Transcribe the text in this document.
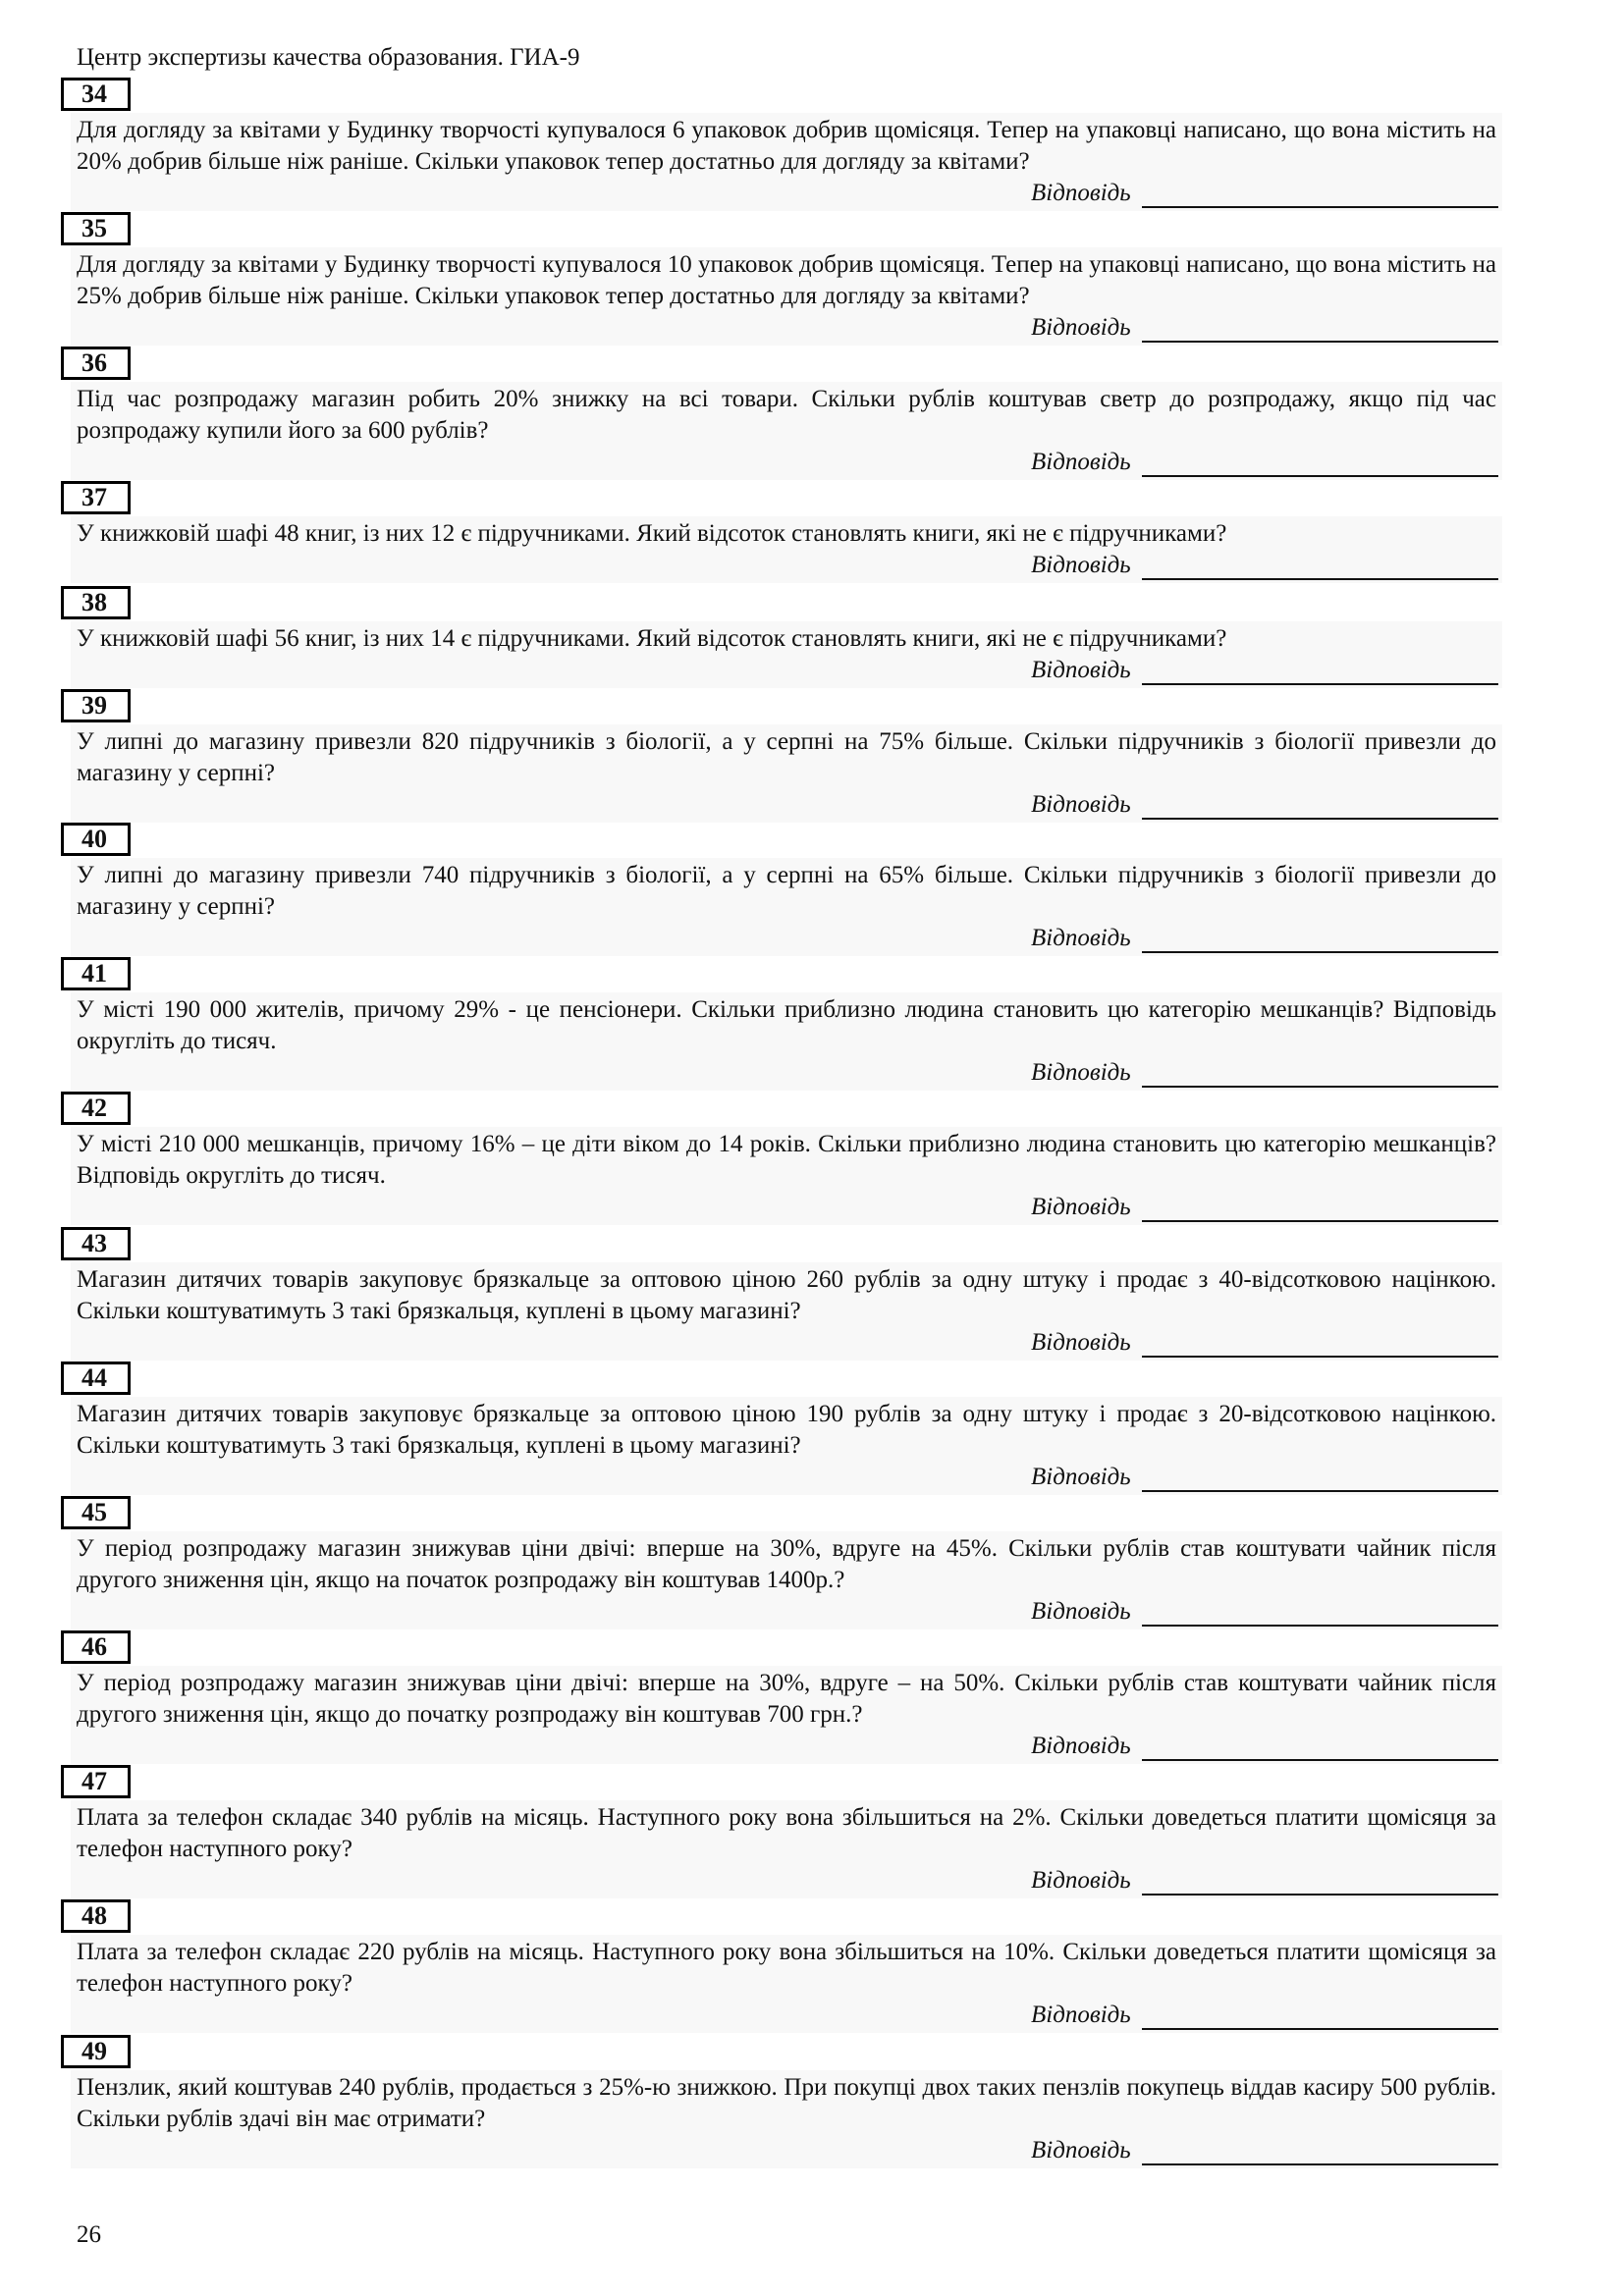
Центр экспертизы качества образования. ГИА-9
34

Для догляду за квітами у Будинку творчості купувалося 6 упаковок добрив щомісяця. Тепер на упаковці написано, що вона містить на 20% добрив більше ніж раніше. Скільки упаковок тепер достатньо для догляду за квітами?

Відповідь
35

Для догляду за квітами у Будинку творчості купувалося 10 упаковок добрив щомісяця. Тепер на упаковці написано, що вона містить на 25% добрив більше ніж раніше. Скільки упаковок тепер достатньо для догляду за квітами?

Відповідь
36

Під час розпродажу магазин робить 20% знижку на всі товари. Скільки рублів коштував светр до розпродажу, якщо під час розпродажу купили його за 600 рублів?

Відповідь
37

У книжковій шафі 48 книг, із них 12 є підручниками. Який відсоток становлять книги, які не є підручниками?

Відповідь
38

У книжковій шафі 56 книг, із них 14 є підручниками. Який відсоток становлять книги, які не є підручниками?

Відповідь
39

У липні до магазину привезли 820 підручників з біології, а у серпні на 75% більше. Скільки підручників з біології привезли до магазину у серпні?

Відповідь
40

У липні до магазину привезли 740 підручників з біології, а у серпні на 65% більше. Скільки підручників з біології привезли до магазину у серпні?

Відповідь
41

У місті 190 000 жителів, причому 29% - це пенсіонери. Скільки приблизно людина становить цю категорію мешканців? Відповідь округліть до тисяч.

Відповідь
42

У місті 210 000 мешканців, причому 16% – це діти віком до 14 років. Скільки приблизно людина становить цю категорію мешканців? Відповідь округліть до тисяч.

Відповідь
43

Магазин дитячих товарів закуповує брязкальце за оптовою ціною 260 рублів за одну штуку і продає з 40-відсотковою націнкою. Скільки коштуватимуть 3 такі брязкальця, куплені в цьому магазині?

Відповідь
44

Магазин дитячих товарів закуповує брязкальце за оптовою ціною 190 рублів за одну штуку і продає з 20-відсотковою націнкою. Скільки коштуватимуть 3 такі брязкальця, куплені в цьому магазині?

Відповідь
45

У період розпродажу магазин знижував ціни двічі: вперше на 30%, вдруге на 45%. Скільки рублів став коштувати чайник після другого зниження цін, якщо на початок розпродажу він коштував 1400р.?

Відповідь
46

У період розпродажу магазин знижував ціни двічі: вперше на 30%, вдруге – на 50%. Скільки рублів став коштувати чайник після другого зниження цін, якщо до початку розпродажу він коштував 700 грн.?

Відповідь
47

Плата за телефон складає 340 рублів на місяць. Наступного року вона збільшиться на 2%. Скільки доведеться платити щомісяця за телефон наступного року?

Відповідь
48

Плата за телефон складає 220 рублів на місяць. Наступного року вона збільшиться на 10%. Скільки доведеться платити щомісяця за телефон наступного року?

Відповідь
49

Пензлик, який коштував 240 рублів, продається з 25%-ю знижкою. При покупці двох таких пензлів покупець віддав касиру 500 рублів. Скільки рублів здачі він має отримати?

Відповідь
26
